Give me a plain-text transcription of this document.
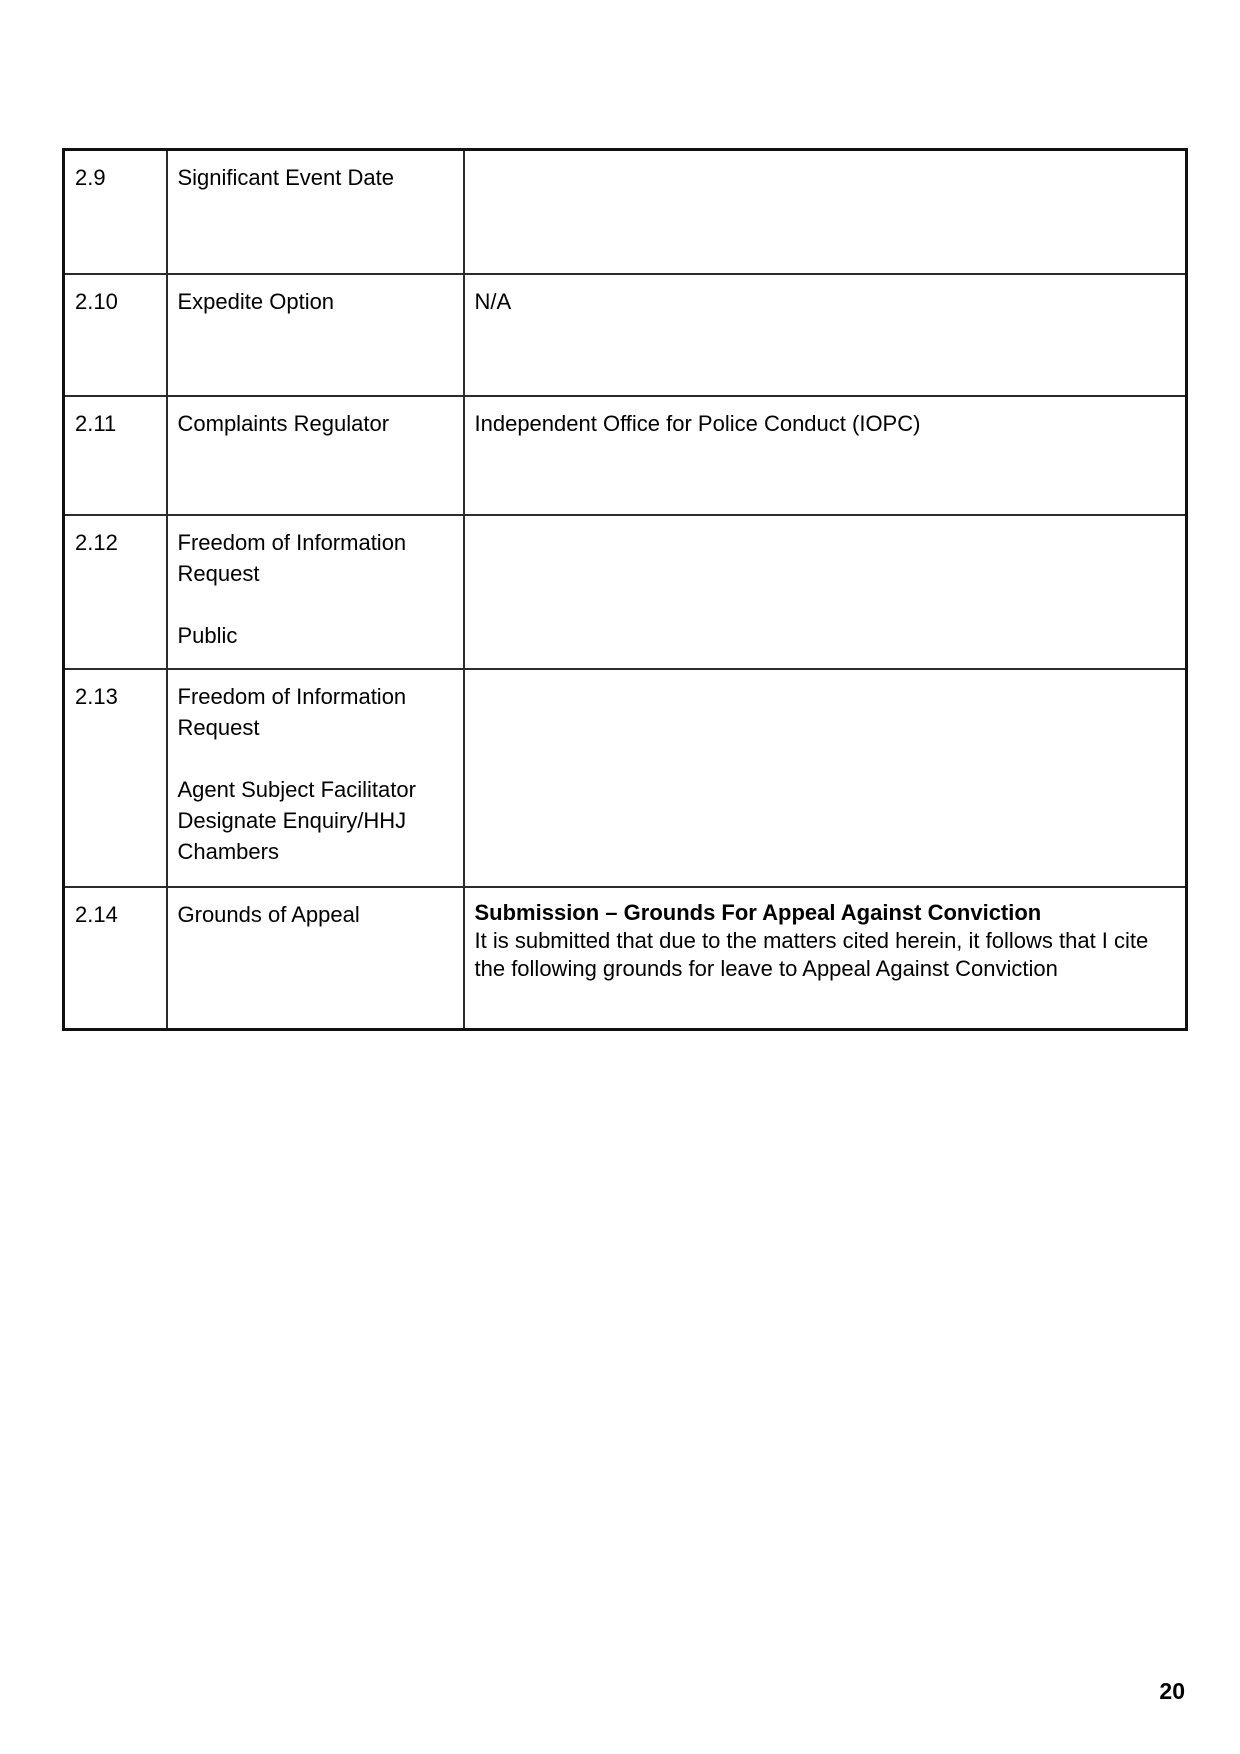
2.9	Significant Event Date	
2.10	Expedite Option	N/A
2.11	Complaints Regulator	Independent Office for Police Conduct (IOPC)
2.12	Freedom of Information Request
Public	

2.13	Freedom of Information Request
Agent Subject Facilitator Designate Enquiry/HHJ Chambers	

2.14	Grounds of Appeal	Submission – Grounds For Appeal Against Conviction
It is submitted that due to the matters cited herein, it follows that I cite the following grounds for leave to Appeal Against Conviction
20
